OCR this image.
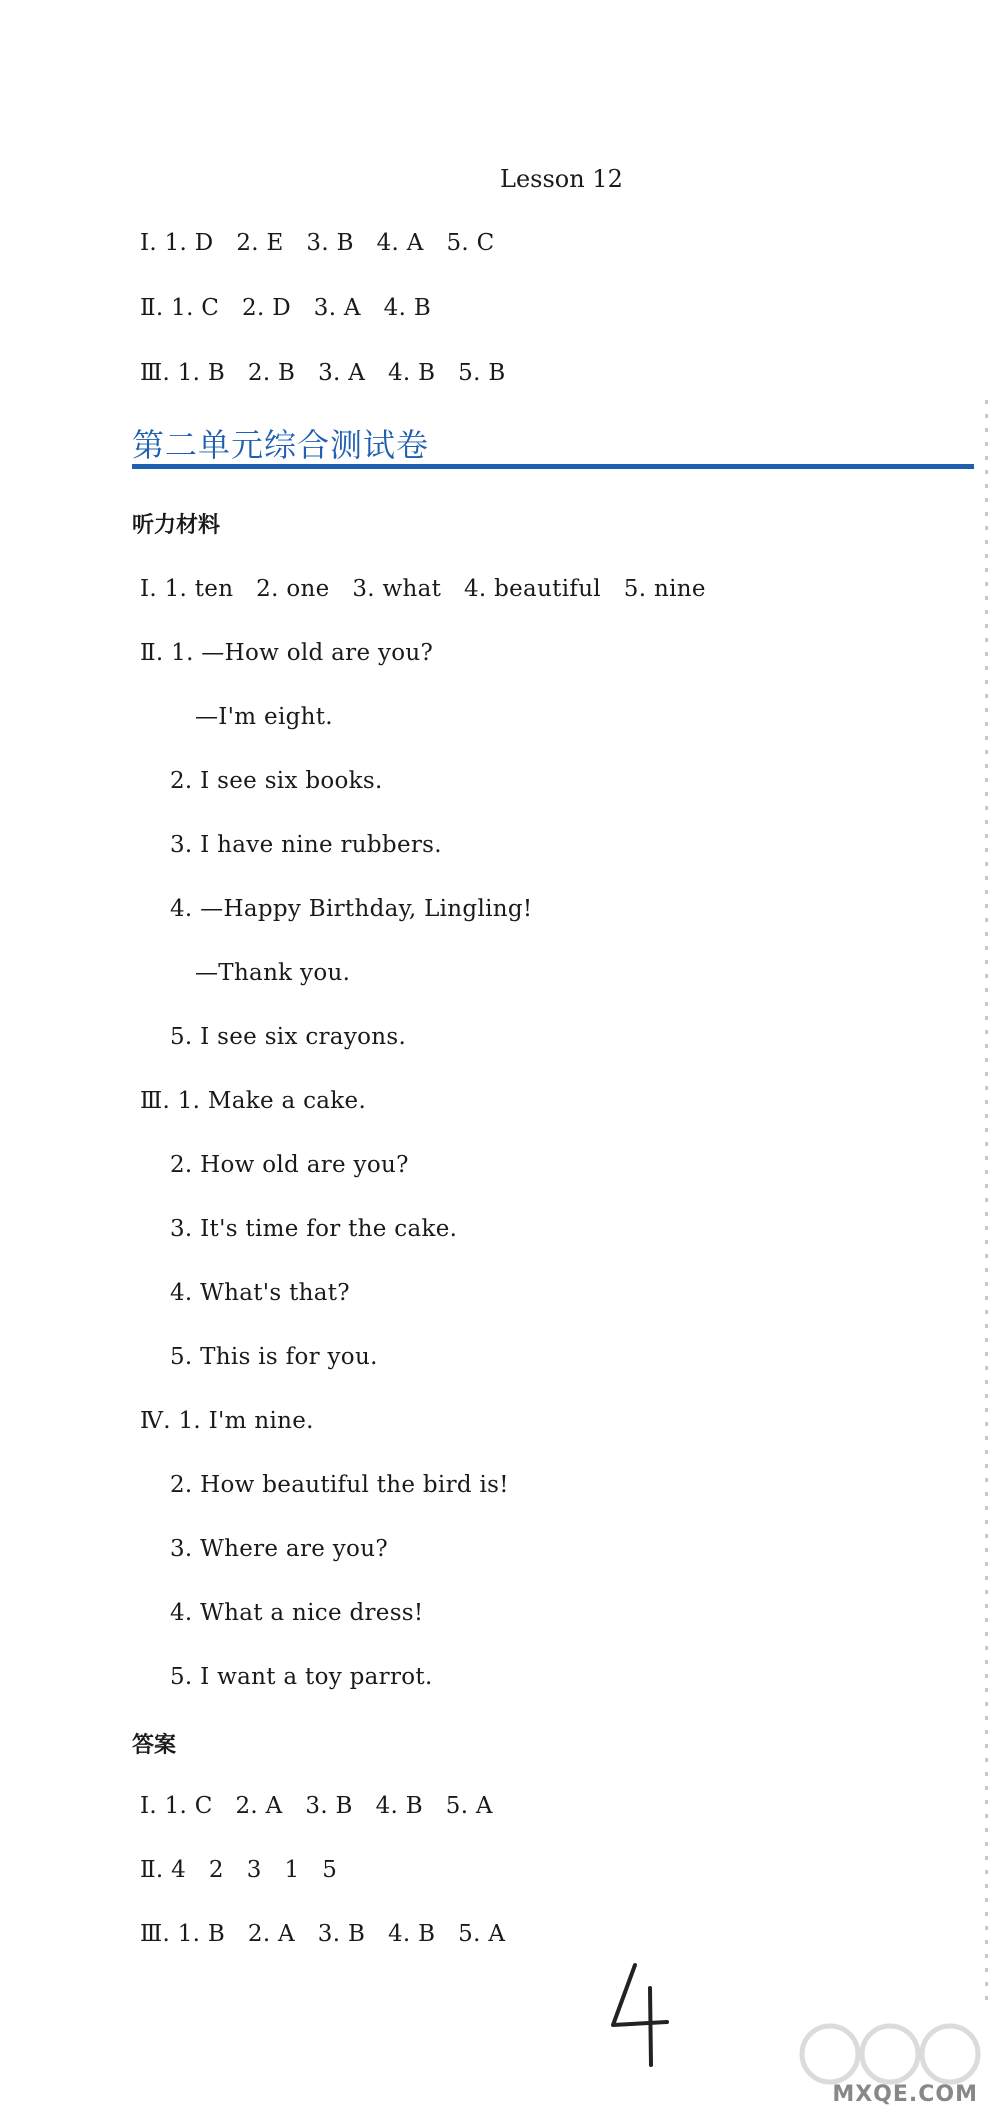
Lesson 12
Ⅰ. 1. D   2. E   3. B   4. A   5. C
Ⅱ. 1. C   2. D   3. A   4. B
Ⅲ. 1. B   2. B   3. A   4. B   5. B
第二单元综合测试卷
听力材料
Ⅰ. 1. ten   2. one   3. what   4. beautiful   5. nine
Ⅱ. 1. —How old are you?
—I'm eight.
2. I see six books.
3. I have nine rubbers.
4. —Happy Birthday, Lingling!
—Thank you.
5. I see six crayons.
Ⅲ. 1. Make a cake.
2. How old are you?
3. It's time for the cake.
4. What's that?
5. This is for you.
Ⅳ. 1. I'm nine.
2. How beautiful the bird is!
3. Where are you?
4. What a nice dress!
5. I want a toy parrot.
答案
Ⅰ. 1. C   2. A   3. B   4. B   5. A
Ⅱ. 4   2   3   1   5
Ⅲ. 1. B   2. A   3. B   4. B   5. A
MXQE.COM
